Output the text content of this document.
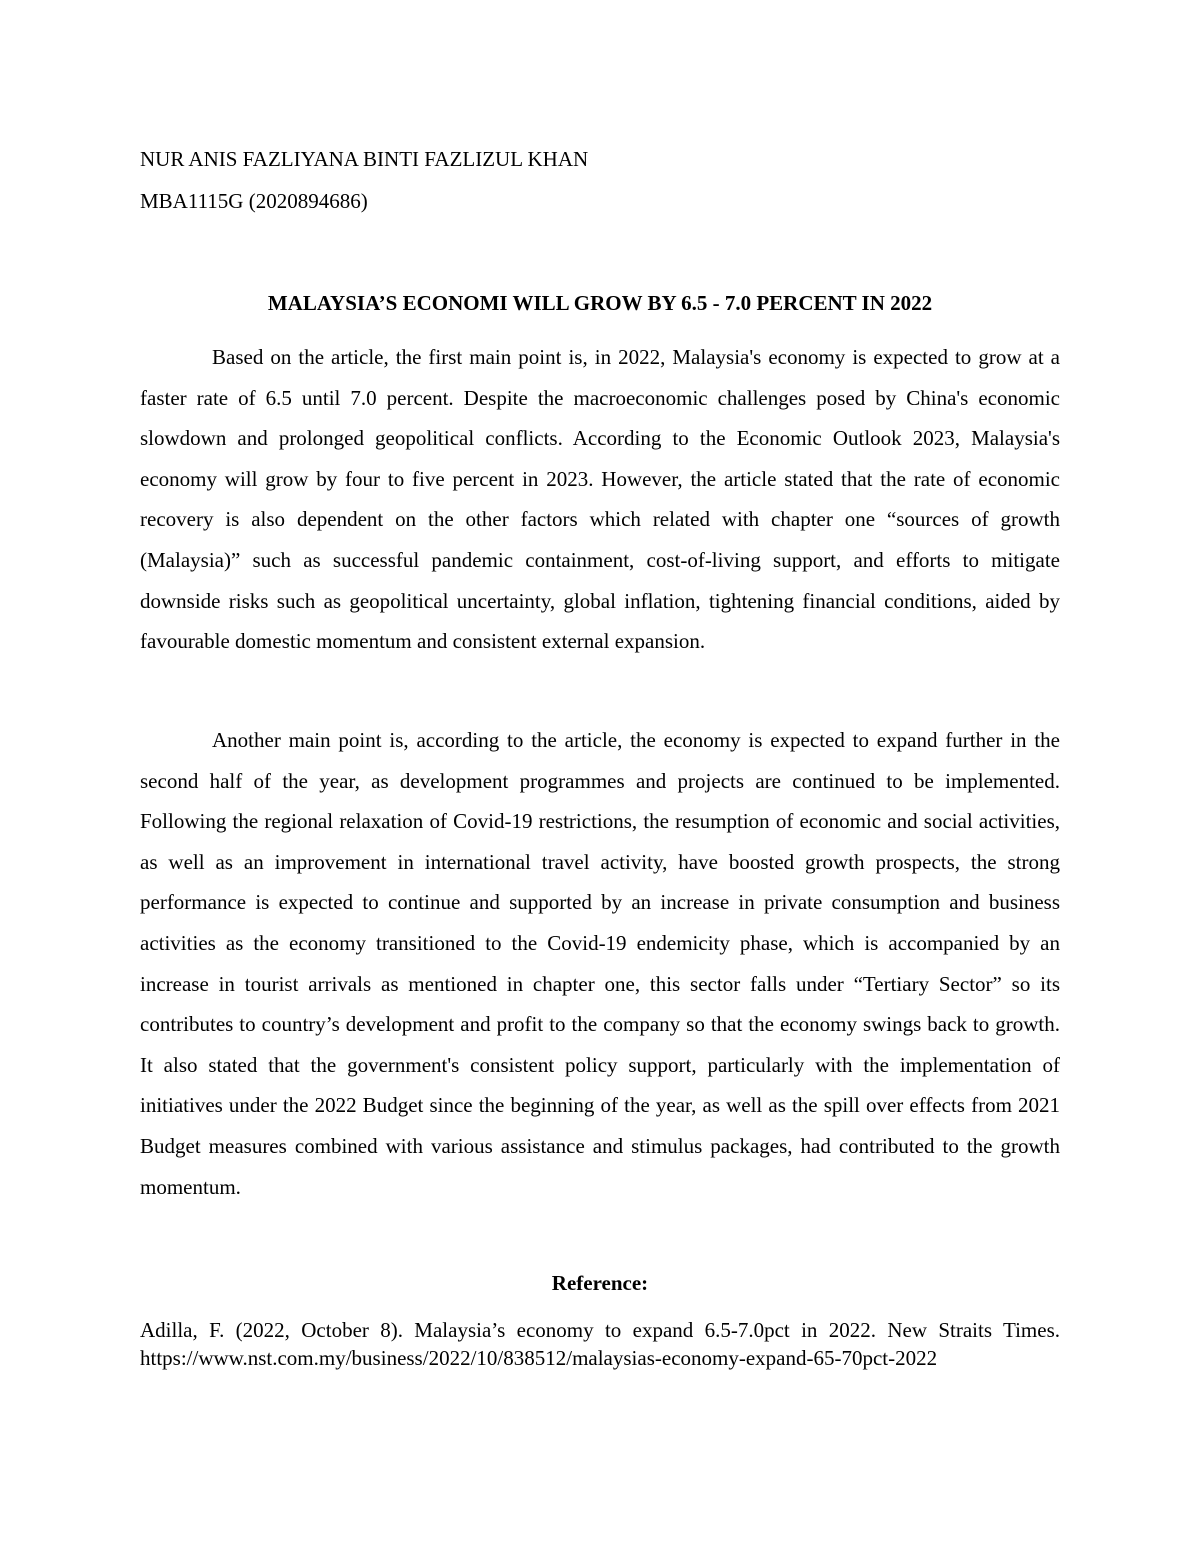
NUR ANIS FAZLIYANA BINTI FAZLIZUL KHAN
MBA1115G (2020894686)
MALAYSIA’S ECONOMI WILL GROW BY 6.5 - 7.0 PERCENT IN 2022

Based on the article, the first main point is, in 2022, Malaysia's economy is expected to grow at a faster rate of 6.5 until 7.0 percent. Despite the macroeconomic challenges posed by China's economic slowdown and prolonged geopolitical conflicts. According to the Economic Outlook 2023, Malaysia's economy will grow by four to five percent in 2023. However, the article stated that the rate of economic recovery is also dependent on the other factors which related with chapter one “sources of growth (Malaysia)” such as successful pandemic containment, cost-of-living support, and efforts to mitigate downside risks such as geopolitical uncertainty, global inflation, tightening financial conditions, aided by favourable domestic momentum and consistent external expansion.

Another main point is, according to the article, the economy is expected to expand further in the second half of the year, as development programmes and projects are continued to be implemented. Following the regional relaxation of Covid-19 restrictions, the resumption of economic and social activities, as well as an improvement in international travel activity, have boosted growth prospects, the strong performance is expected to continue and supported by an increase in private consumption and business activities as the economy transitioned to the Covid-19 endemicity phase, which is accompanied by an increase in tourist arrivals as mentioned in chapter one, this sector falls under “Tertiary Sector” so its contributes to country’s development and profit to the company so that the economy swings back to growth. It also stated that the government's consistent policy support, particularly with the implementation of initiatives under the 2022 Budget since the beginning of the year, as well as the spill over effects from 2021 Budget measures combined with various assistance and stimulus packages, had contributed to the growth momentum.

Reference:

Adilla, F. (2022, October 8). Malaysia’s economy to expand 6.5-7.0pct in 2022. New Straits Times. https://www.nst.com.my/business/2022/10/838512/malaysias-economy-expand-65-70pct-2022
